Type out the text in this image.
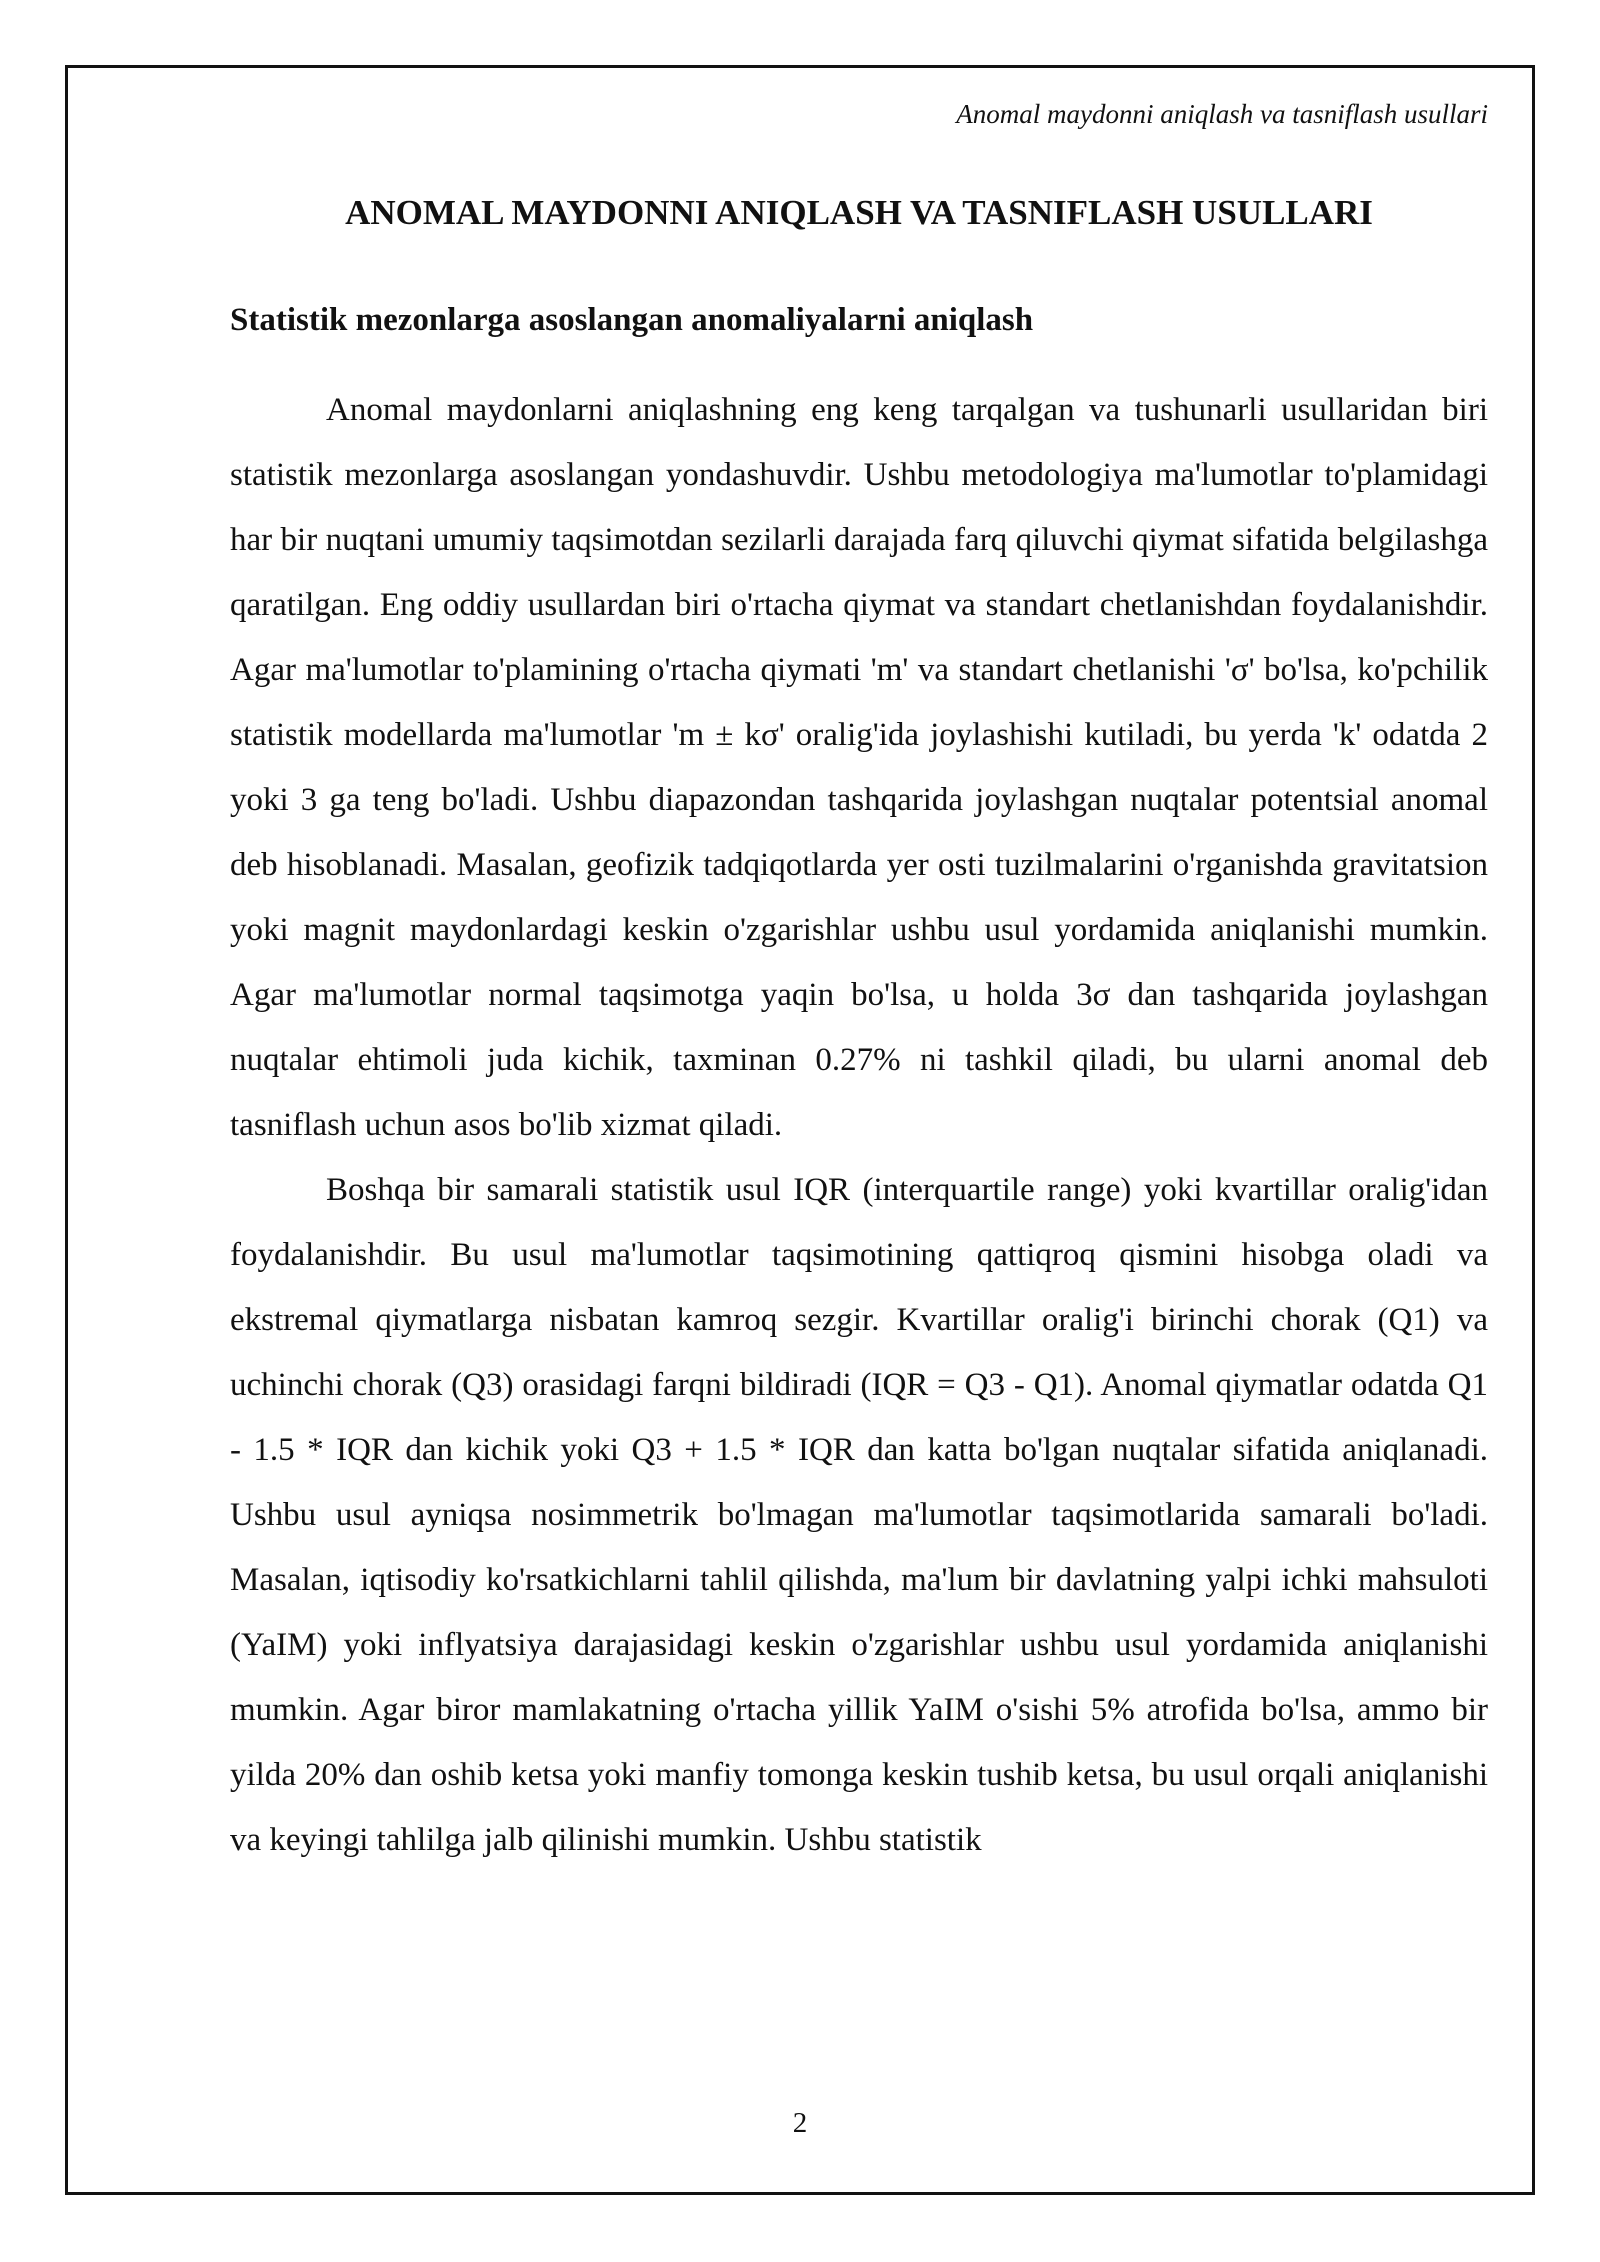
Anomal maydonni aniqlash va tasniflash usullari
ANOMAL MAYDONNI ANIQLASH VA TASNIFLASH USULLARI
Statistik mezonlarga asoslangan anomaliyalarni aniqlash

Anomal maydonlarni aniqlashning eng keng tarqalgan va tushunarli usullaridan biri statistik mezonlarga asoslangan yondashuvdir. Ushbu metodologiya ma'lumotlar to'plamidagi har bir nuqtani umumiy taqsimotdan sezilarli darajada farq qiluvchi qiymat sifatida belgilashga qaratilgan. Eng oddiy usullardan biri o'rtacha qiymat va standart chetlanishdan foydalanishdir. Agar ma'lumotlar to'plamining o'rtacha qiymati 'm' va standart chetlanishi 'σ' bo'lsa, ko'pchilik statistik modellarda ma'lumotlar 'm ± kσ' oralig'ida joylashishi kutiladi, bu yerda 'k' odatda 2 yoki 3 ga teng bo'ladi. Ushbu diapazondan tashqarida joylashgan nuqtalar potentsial anomal deb hisoblanadi. Masalan, geofizik tadqiqotlarda yer osti tuzilmalarini o'rganishda gravitatsion yoki magnit maydonlardagi keskin o'zgarishlar ushbu usul yordamida aniqlanishi mumkin. Agar ma'lumotlar normal taqsimotga yaqin bo'lsa, u holda 3σ dan tashqarida joylashgan nuqtalar ehtimoli juda kichik, taxminan 0.27% ni tashkil qiladi, bu ularni anomal deb tasniflash uchun asos bo'lib xizmat qiladi.

Boshqa bir samarali statistik usul IQR (interquartile range) yoki kvartillar oralig'idan foydalanishdir. Bu usul ma'lumotlar taqsimotining qattiqroq qismini hisobga oladi va ekstremal qiymatlarga nisbatan kamroq sezgir. Kvartillar oralig'i birinchi chorak (Q1) va uchinchi chorak (Q3) orasidagi farqni bildiradi (IQR = Q3 - Q1). Anomal qiymatlar odatda Q1 - 1.5 * IQR dan kichik yoki Q3 + 1.5 * IQR dan katta bo'lgan nuqtalar sifatida aniqlanadi. Ushbu usul ayniqsa nosimmetrik bo'lmagan ma'lumotlar taqsimotlarida samarali bo'ladi. Masalan, iqtisodiy ko'rsatkichlarni tahlil qilishda, ma'lum bir davlatning yalpi ichki mahsuloti (YaIM) yoki inflyatsiya darajasidagi keskin o'zgarishlar ushbu usul yordamida aniqlanishi mumkin. Agar biror mamlakatning o'rtacha yillik YaIM o'sishi 5% atrofida bo'lsa, ammo bir yilda 20% dan oshib ketsa yoki manfiy tomonga keskin tushib ketsa, bu usul orqali aniqlanishi va keyingi tahlilga jalb qilinishi mumkin. Ushbu statistik

2
